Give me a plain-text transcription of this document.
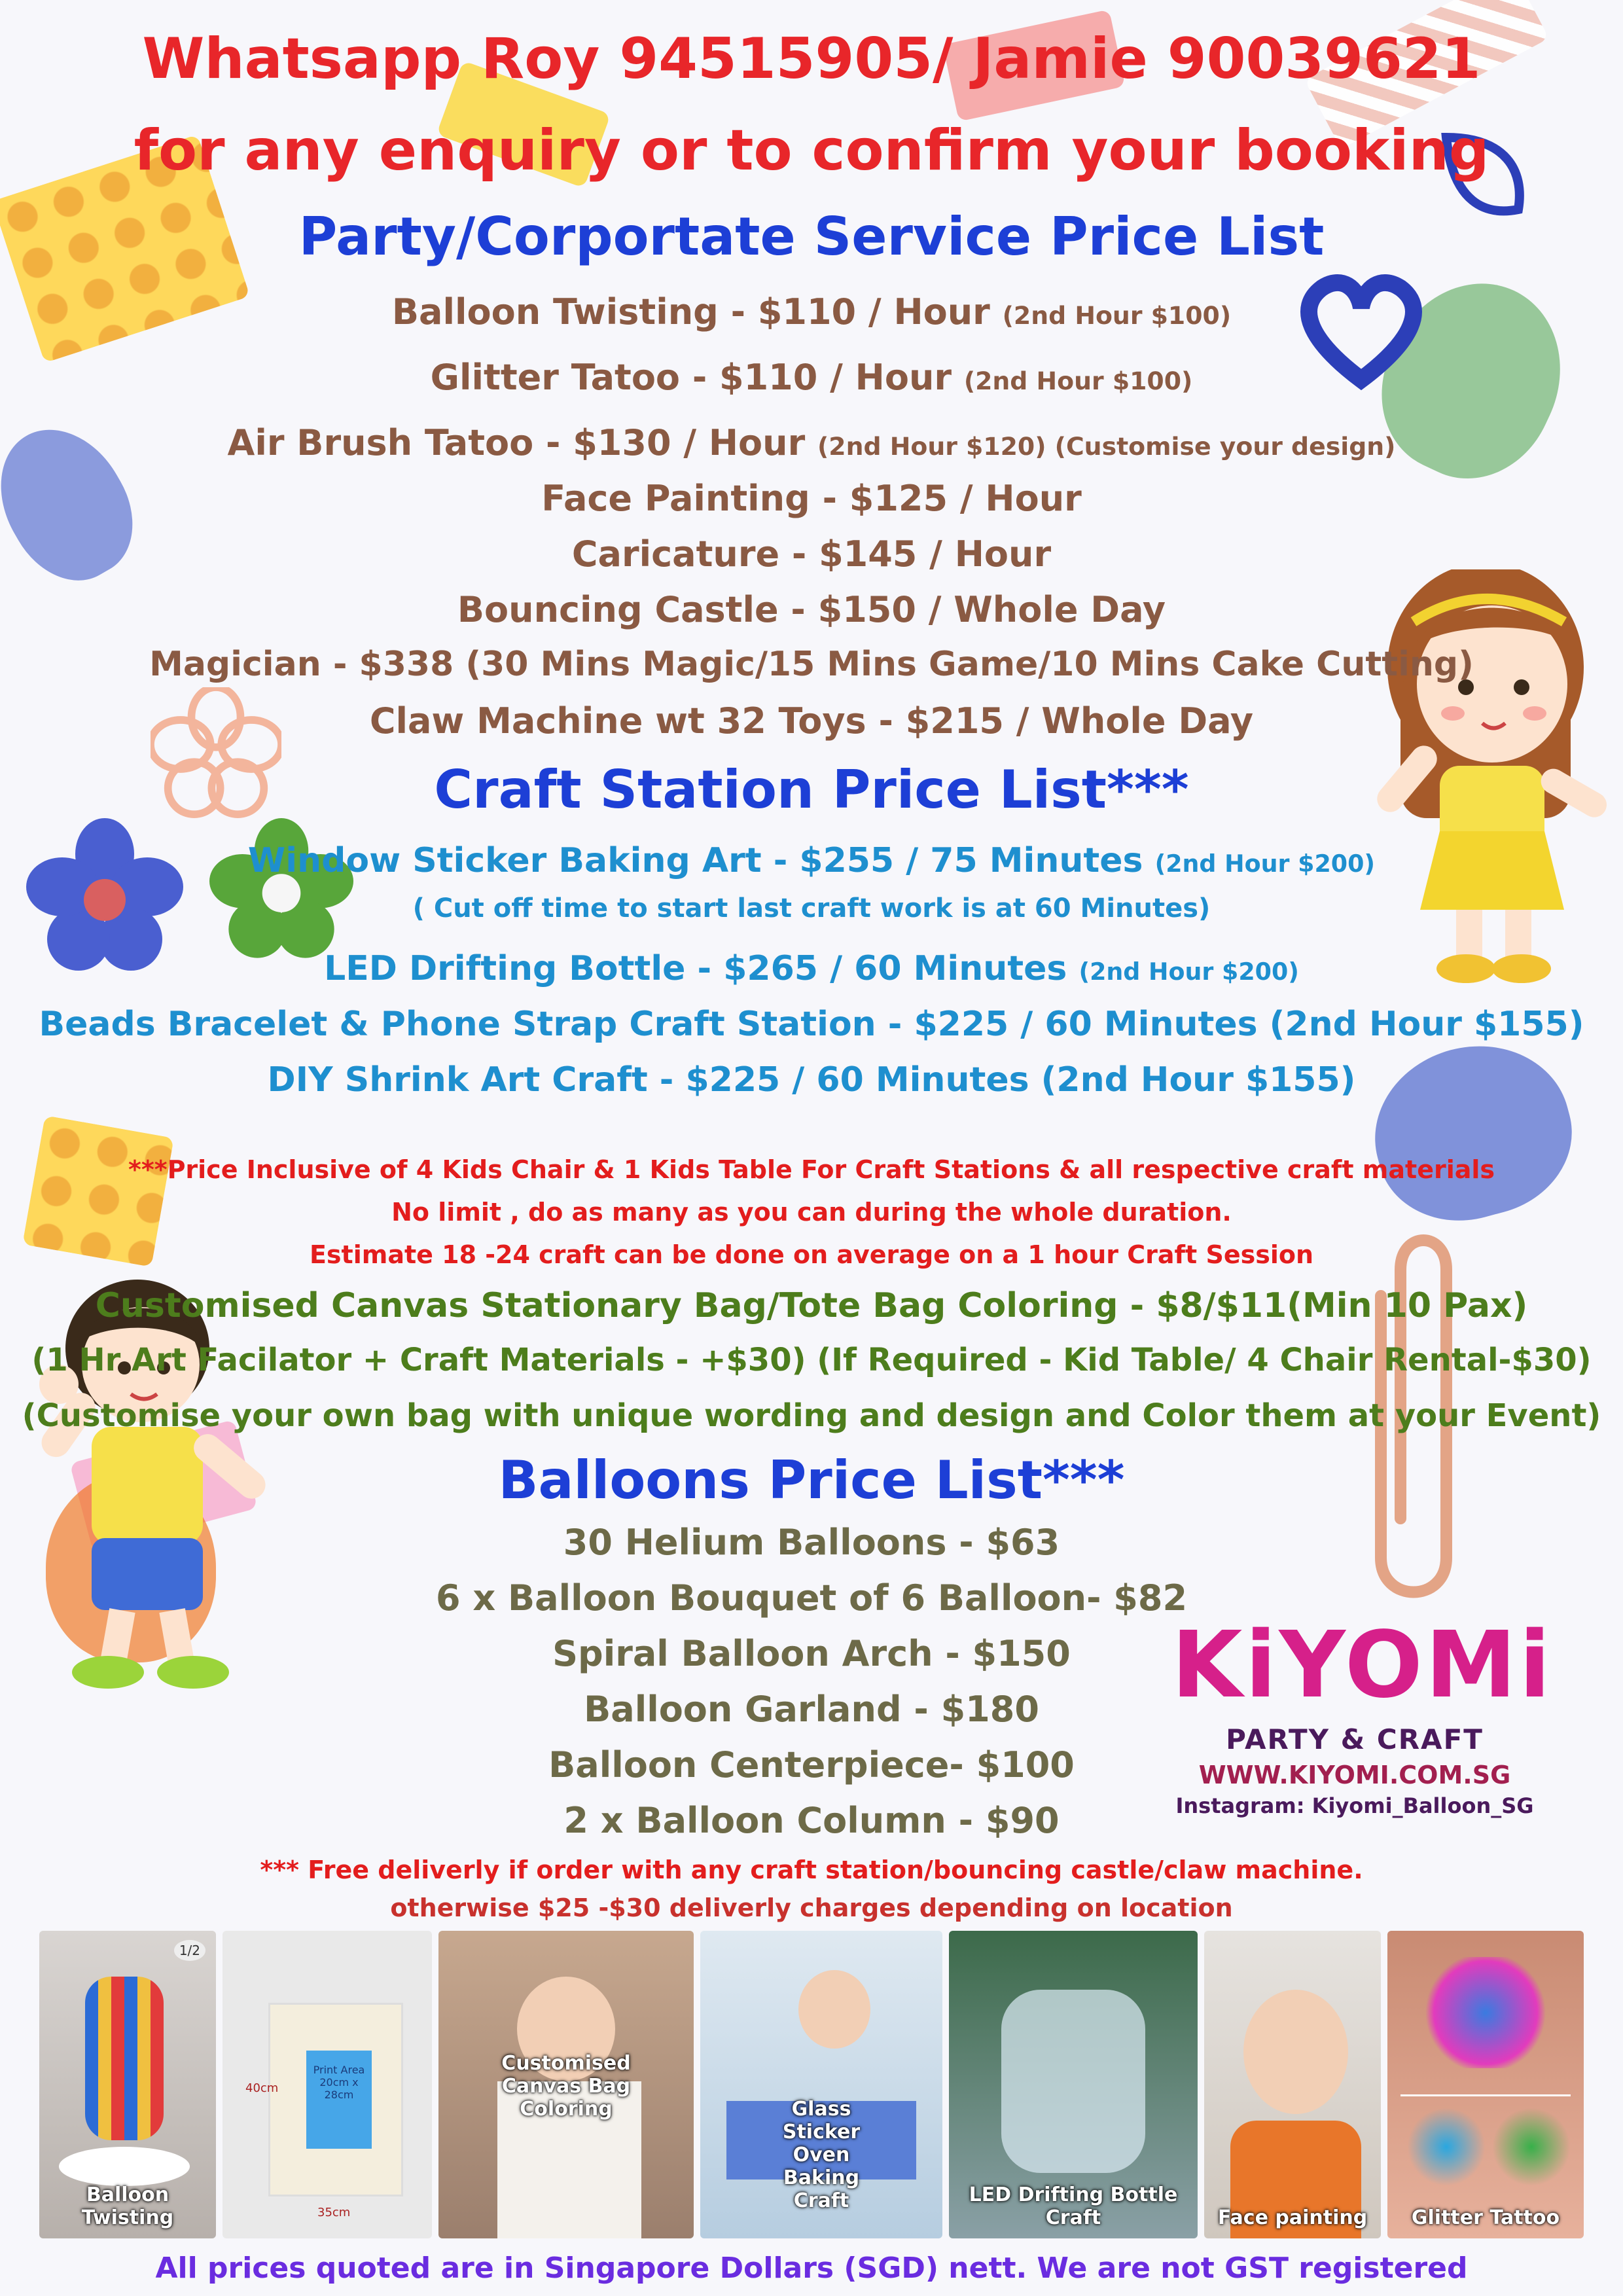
Whatsapp Roy 94515905/ Jamie 90039621
for any enquiry or to confirm your booking
Party/Corportate Service Price List
Balloon Twisting - $110 / Hour (2nd Hour $100)
Glitter Tatoo - $110 / Hour (2nd Hour $100)
Air Brush Tatoo - $130 / Hour (2nd Hour $120) (Customise your design)
Face Painting - $125 / Hour
Caricature - $145 / Hour
Bouncing Castle - $150 / Whole Day
Magician - $338 (30 Mins Magic/15 Mins Game/10 Mins Cake Cutting)
Claw Machine wt 32 Toys - $215 / Whole Day
Craft Station Price List***
Window Sticker Baking Art - $255 / 75 Minutes (2nd Hour $200)
( Cut off time to start last craft work is at 60 Minutes)
LED Drifting Bottle - $265 / 60 Minutes (2nd Hour $200)
Beads Bracelet & Phone Strap Craft Station - $225 / 60 Minutes (2nd Hour $155)
DIY Shrink Art Craft - $225 / 60 Minutes (2nd Hour $155)
***Price Inclusive of 4 Kids Chair & 1 Kids Table For Craft Stations & all respective craft materials
No limit , do as many as you can during the whole duration.
Estimate 18 -24 craft can be done on average on a 1 hour Craft Session
Customised Canvas Stationary Bag/Tote Bag Coloring - $8/$11(Min 10 Pax)
(1 Hr Art Facilator + Craft Materials - +$30) (If Required - Kid Table/ 4 Chair Rental-$30)
(Customise your own bag with unique wording and design and Color them at your Event)
Balloons Price List***
30 Helium Balloons - $63
6 x Balloon Bouquet of 6 Balloon- $82
Spiral Balloon Arch - $150
Balloon Garland - $180
Balloon Centerpiece- $100
2 x Balloon Column - $90
*** Free deliverly if order with any craft station/bouncing castle/claw machine.
otherwise $25 -$30 deliverly charges depending on location
KiYOMi
PARTY & CRAFT
WWW.KIYOMI.COM.SG
Instagram: Kiyomi_Balloon_SG
1/2
Balloon Twisting
Print Area
20cm x 28cm
40cm
35cm
Customised Canvas Bag Coloring	Glass Sticker Oven Baking Craft	LED Drifting Bottle Craft	Face painting	Glitter Tattoo
All prices quoted are in Singapore Dollars (SGD) nett. We are not GST registered
